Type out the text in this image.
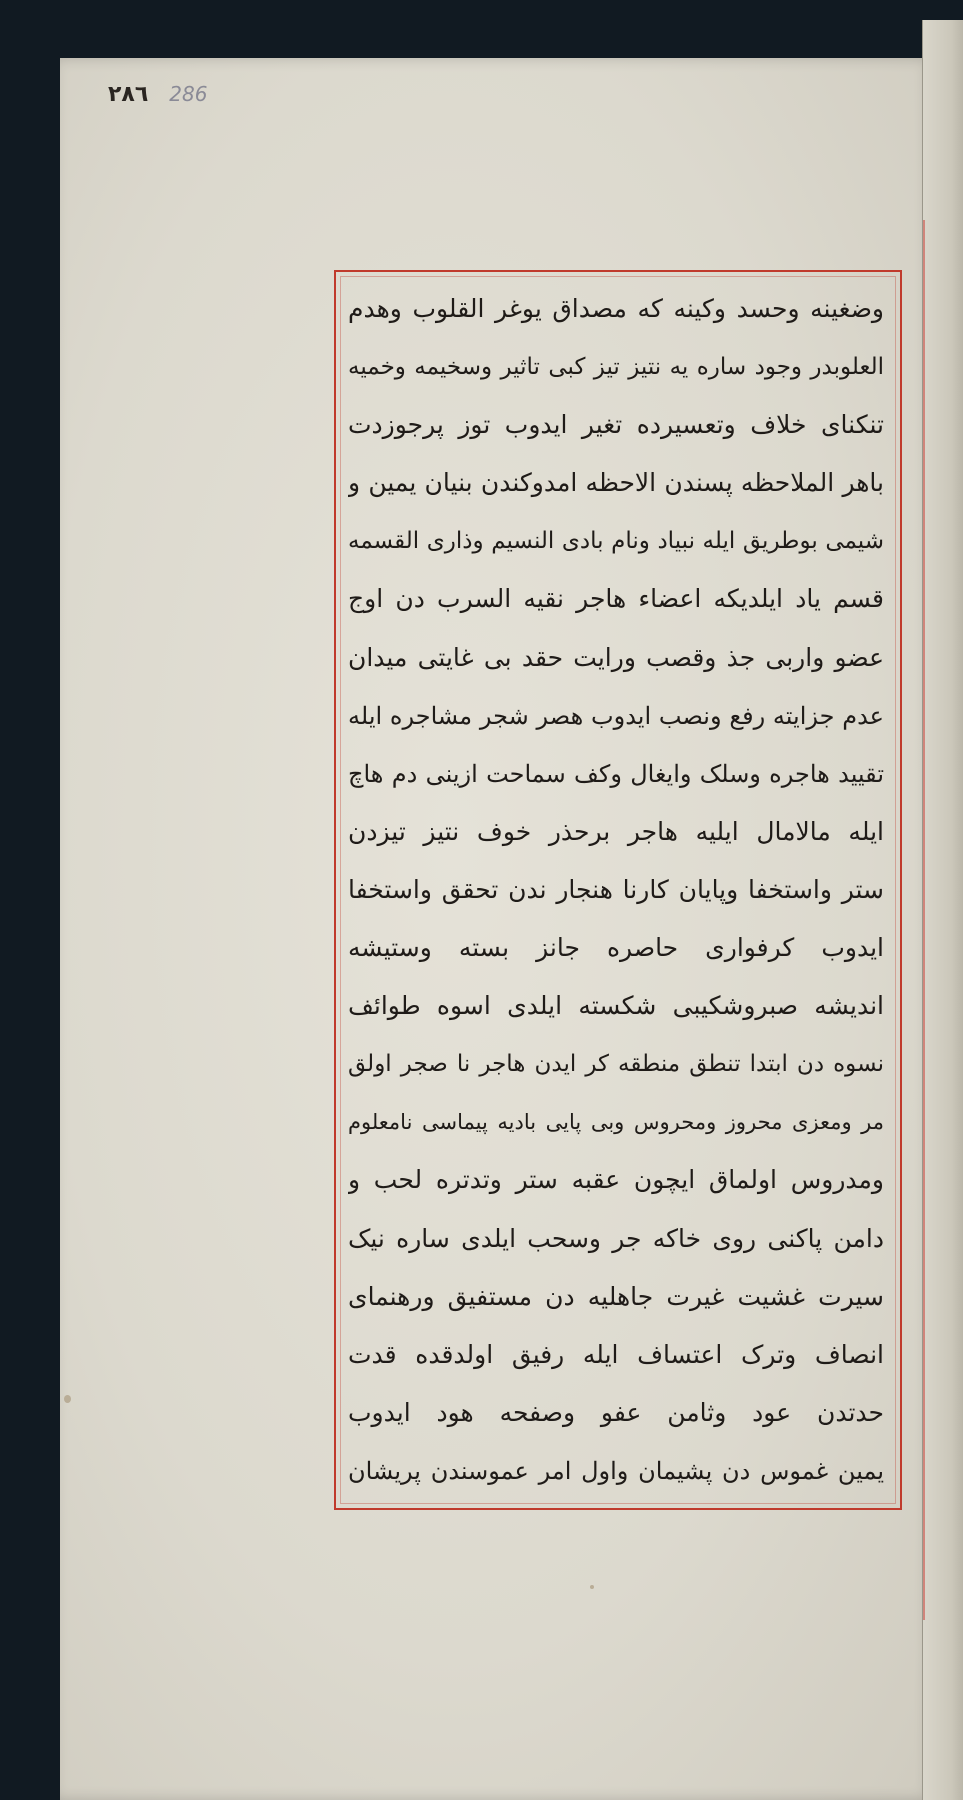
٢٨٦ 286
وضغینه وحسد وکینه که مصداق یوغر القلوب وهدم
العلوبدر وجود ساره یه نتیز تیز کبی تاثیر وسخیمه وخمیه
تنکنای خلاف وتعسیرده تغیر ایدوب توز پرجوزدت
باهر الملاحظه پسندن الاحظه امدوکندن بنیان یمین و
شیمی بوطریق ایله نبیاد ونام بادی النسیم وذاری القسمه
قسم یاد ایلدیکه اعضاء هاجر نقیه السرب دن اوج
عضو واربی جذ وقصب ورایت حقد بی غایتی میدان
عدم جزایته رفع ونصب ایدوب هصر شجر مشاجره ایله
تقیید هاجره وسلک وایغال وکف سماحت ازینی دم هاچ
ایله مالامال ایلیه هاجر برحذر خوف نتیز تیزدن
ستر واستخفا وپایان کارنا هنجار ندن تحقق واستخفا
ایدوب کرفواری حاصره جانز بسته وستیشه
اندیشه صبروشکیبی شکسته ایلدی اسوه طوائف
نسوه دن ابتدا تنطق منطقه کر ایدن هاجر نا صجر اولق
مر ومعزی محروز ومحروس وبی پایی بادیه پیماسی نامعلوم
ومدروس اولماق ایچون عقبه ستر وتدتره لحب و
دامن پاکنی روی خاکه جر وسحب ایلدی ساره نیک
سیرت غشیت غیرت جاهلیه دن مستفیق ورهنمای
انصاف وترک اعتساف ایله رفیق اولدقده قدت
حدتدن عود وثامن عفو وصفحه هود ایدوب
یمین غموس دن پشیمان واول امر عموسندن پریشان
